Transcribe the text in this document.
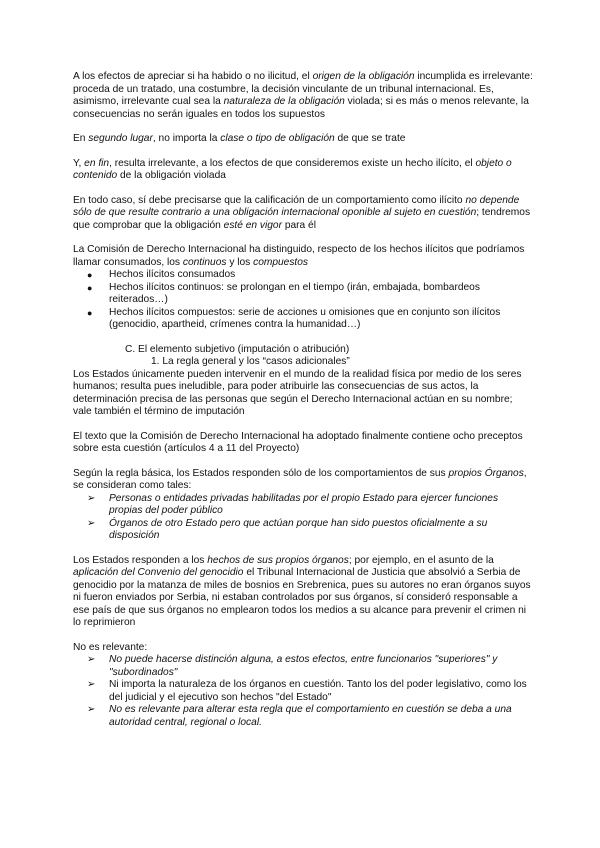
A los efectos de apreciar si ha habido o no ilicitud, el origen de la obligación incumplida es irrelevante: proceda de un tratado, una costumbre, la decisión vinculante de un tribunal internacional. Es, asimismo, irrelevante cual sea la naturaleza de la obligación violada; si es más o menos relevante, la consecuencias no serán iguales en todos los supuestos

En segundo lugar, no importa la clase o tipo de obligación de que se trate

Y, en fin, resulta irrelevante, a los efectos de que consideremos existe un hecho ilícito, el objeto o contenido de la obligación violada

En todo caso, sí debe precisarse que la calificación de un comportamiento como ilícito no depende sólo de que resulte contrario a una obligación internacional oponible al sujeto en cuestión; tendremos que comprobar que la obligación esté en vigor para él

La Comisión de Derecho Internacional ha distinguido, respecto de los hechos ilícitos que podríamos llamar consumados, los continuos y los compuestos

● Hechos ilícitos consumados
● Hechos ilícitos continuos: se prolongan en el tiempo (irán, embajada, bombardeos reiterados…)
● Hechos ilícitos compuestos: serie de acciones u omisiones que en conjunto son ilícitos (genocidio, apartheid, crímenes contra la humanidad…)

C. El elemento subjetivo (imputación o atribución)

1. La regla general y los “casos adicionales”

Los Estados únicamente pueden intervenir en el mundo de la realidad física por medio de los seres humanos; resulta pues ineludible, para poder atribuirle las consecuencias de sus actos, la determinación precisa de las personas que según el Derecho Internacional actúan en su nombre; vale también el término de imputación

El texto que la Comisión de Derecho Internacional ha adoptado finalmente contiene ocho preceptos sobre esta cuestión (artículos 4 a 11 del Proyecto)

Según la regla básica, los Estados responden sólo de los comportamientos de sus propios Órganos, se consideran como tales:

➢ Personas o entidades privadas habilitadas por el propio Estado para ejercer funciones propias del poder público
➢ Órganos de otro Estado pero que actúan porque han sido puestos oficialmente a su disposición

Los Estados responden a los hechos de sus propios órganos; por ejemplo, en el asunto de la aplicación del Convenio del genocidio el Tribunal Internacional de Justicia que absolvió a Serbia de genocidio por la matanza de miles de bosnios en Srebrenica, pues su autores no eran órganos suyos ni fueron enviados por Serbia, ni estaban controlados por sus órganos, sí consideró responsable a ese país de que sus órganos no emplearon todos los medios a su alcance para prevenir el crimen ni lo reprimieron

No es relevante:

➢ No puede hacerse distinción alguna, a estos efectos, entre funcionarios "superiores" y "subordinados"
➢ Ni importa la naturaleza de los órganos en cuestión. Tanto los del poder legislativo, como los del judicial y el ejecutivo son hechos "del Estado"
➢ No es relevante para alterar esta regla que el comportamiento en cuestión se deba a una autoridad central, regional o local.
